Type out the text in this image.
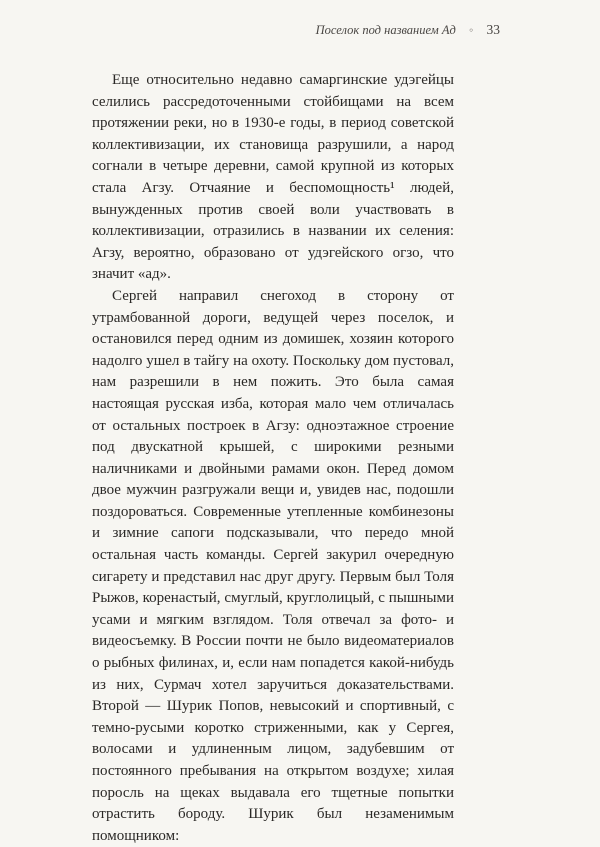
Поселок под названием Ад ◦ 33

Еще относительно недавно самаргинские удэгейцы селились рассредоточенными стойбищами на всем протяжении реки, но в 1930-е годы, в период советской коллективизации, их становища разрушили, а народ согнали в четыре деревни, самой крупной из которых стала Агзу. Отчаяние и беспомощность¹ людей, вынужденных против своей воли участвовать в коллективизации, отразились в названии их селения: Агзу, вероятно, образовано от удэгейского огзо, что значит «ад».

Сергей направил снегоход в сторону от утрамбованной дороги, ведущей через поселок, и остановился перед одним из домишек, хозяин которого надолго ушел в тайгу на охоту. Поскольку дом пустовал, нам разрешили в нем пожить. Это была самая настоящая русская изба, которая мало чем отличалась от остальных построек в Агзу: одноэтажное строение под двускатной крышей, с широкими резными наличниками и двойными рамами окон. Перед домом двое мужчин разгружали вещи и, увидев нас, подошли поздороваться. Современные утепленные комбинезоны и зимние сапоги подсказывали, что передо мной остальная часть команды. Сергей закурил очередную сигарету и представил нас друг другу. Первым был Толя Рыжов, коренастый, смуглый, круглолицый, с пышными усами и мягким взглядом. Толя отвечал за фото- и видеосъемку. В России почти не было видеоматериалов о рыбных филинах, и, если нам попадется какой-нибудь из них, Сурмач хотел заручиться доказательствами. Второй — Шурик Попов, невысокий и спортивный, с темно-русыми коротко стриженными, как у Сергея, волосами и удлиненным лицом, задубевшим от постоянного пребывания на открытом воздухе; хилая поросль на щеках выдавала его тщетные попытки отрастить бороду. Шурик был незаменимым помощником:
